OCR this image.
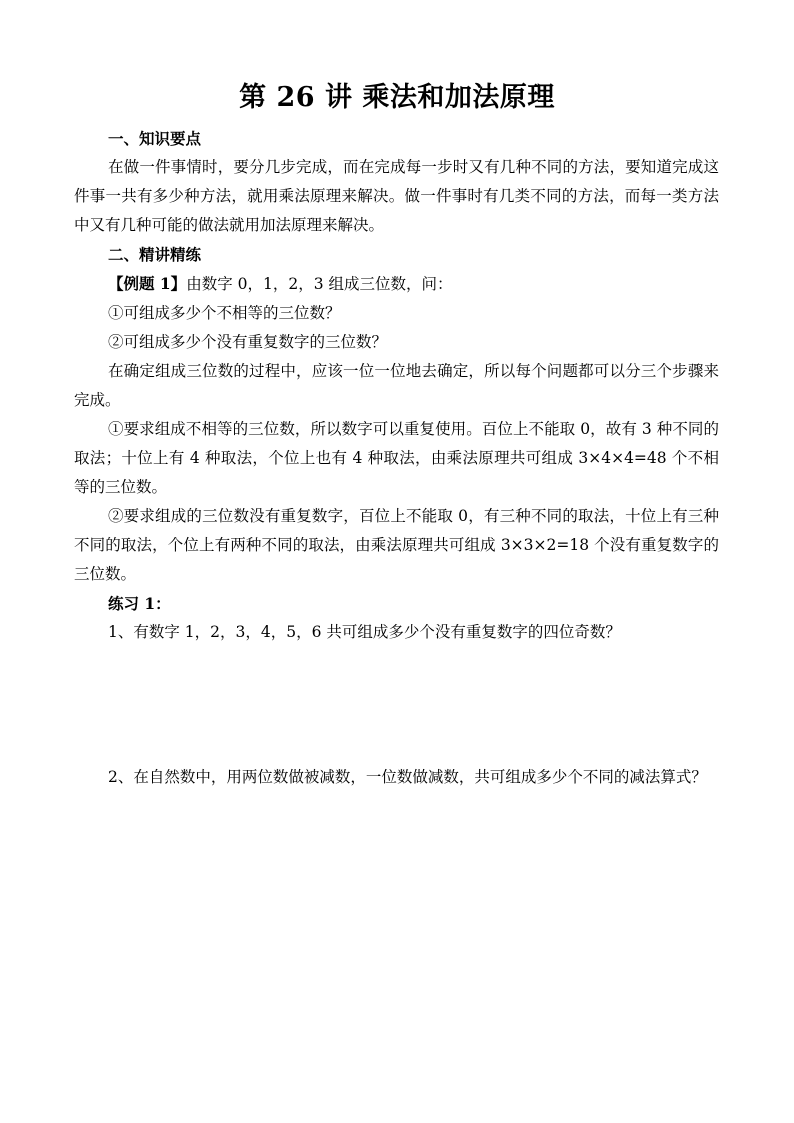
第 26 讲 乘法和加法原理

一、知识要点

在做一件事情时，要分几步完成，而在完成每一步时又有几种不同的方法，要知道完成这件事一共有多少种方法，就用乘法原理来解决。做一件事时有几类不同的方法，而每一类方法中又有几种可能的做法就用加法原理来解决。

二、精讲精练

【例题 1】由数字 0，1，2，3 组成三位数，问：

①可组成多少个不相等的三位数？

②可组成多少个没有重复数字的三位数？

在确定组成三位数的过程中，应该一位一位地去确定，所以每个问题都可以分三个步骤来完成。

①要求组成不相等的三位数，所以数字可以重复使用。百位上不能取 0，故有 3 种不同的取法；十位上有 4 种取法，个位上也有 4 种取法，由乘法原理共可组成 3×4×4=48 个不相等的三位数。

②要求组成的三位数没有重复数字，百位上不能取 0，有三种不同的取法，十位上有三种不同的取法，个位上有两种不同的取法，由乘法原理共可组成 3×3×2=18 个没有重复数字的三位数。

练习 1：

1、有数字 1，2，3，4，5，6 共可组成多少个没有重复数字的四位奇数？

2、在自然数中，用两位数做被减数，一位数做减数，共可组成多少个不同的减法算式？
